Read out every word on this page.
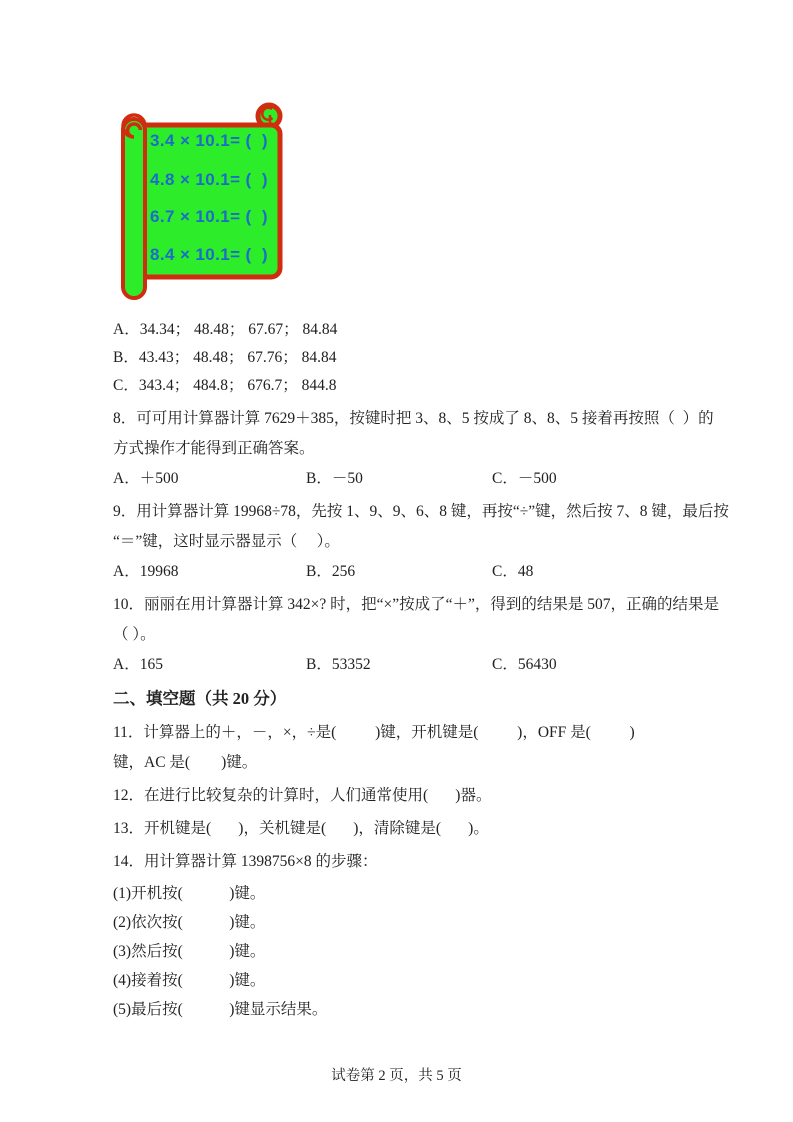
3.4 × 10.1= (  )
4.8 × 10.1= (  )
6.7 × 10.1= (  )
8.4 × 10.1= (  )
A．34.34； 48.48； 67.67； 84.84
B．43.43； 48.48； 67.76； 84.84
C．343.4； 484.8； 676.7； 844.8
8．可可用计算器计算 7629＋385，按键时把 3、8、5 按成了 8、8、5 接着再按照（  ）的
方式操作才能得到正确答案。
A．＋500	B．－50	C．－500
9．用计算器计算 19968÷78，先按 1、9、9、6、8 键，再按“÷”键，然后按 7、8 键，最后按
“＝”键，这时显示器显示（     ）。
A．19968	B．256	C．48
10．丽丽在用计算器计算 342×? 时，把“×”按成了“＋”，得到的结果是 507，正确的结果是
（ ）。
A．165	B．53352	C．56430
二、填空题（共 20 分）
11．计算器上的＋，－，×，÷是(          )键，开机键是(          )，OFF 是(          )
键，AC 是(        )键。
12．在进行比较复杂的计算时，人们通常使用(       )器。
13．开机键是(       )，关机键是(       )，清除键是(       )。
14．用计算器计算 1398756×8 的步骤：
(1)开机按(            )键。
(2)依次按(            )键。
(3)然后按(            )键。
(4)接着按(            )键。
(5)最后按(            )键显示结果。
试卷第 2 页，共 5 页
